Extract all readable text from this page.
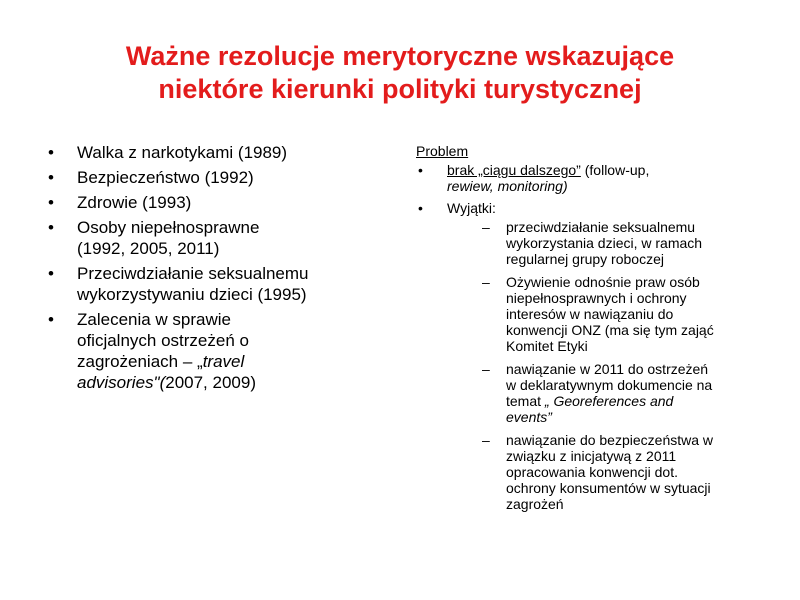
Ważne rezolucje merytoryczne wskazujące
niektóre kierunki polityki turystycznej
• Walka z narkotykami (1989)
• Bezpieczeństwo (1992)
• Zdrowie (1993)
• Osoby niepełnosprawne
(1992, 2005, 2011)
• Przeciwdziałanie seksualnemu
wykorzystywaniu dzieci (1995)
• Zalecenia w sprawie
oficjalnych ostrzeżeń o
zagrożeniach – „travel
advisories"(2007, 2009)
Problem
• brak „ciągu dalszego” (follow-up,
rewiew, monitoring)
• Wyjątki:
– przeciwdziałanie seksualnemu
wykorzystania dzieci, w ramach
regularnej grupy roboczej
– Ożywienie odnośnie praw osób
niepełnosprawnych i ochrony
interesów w nawiązaniu do
konwencji ONZ (ma się tym zająć
Komitet Etyki
– nawiązanie w 2011 do ostrzeżeń
w deklaratywnym dokumencie na
temat „ Georeferences and
events”
– nawiązanie do bezpieczeństwa w
związku z inicjatywą z 2011
opracowania konwencji dot.
ochrony konsumentów w sytuacji
zagrożeń
